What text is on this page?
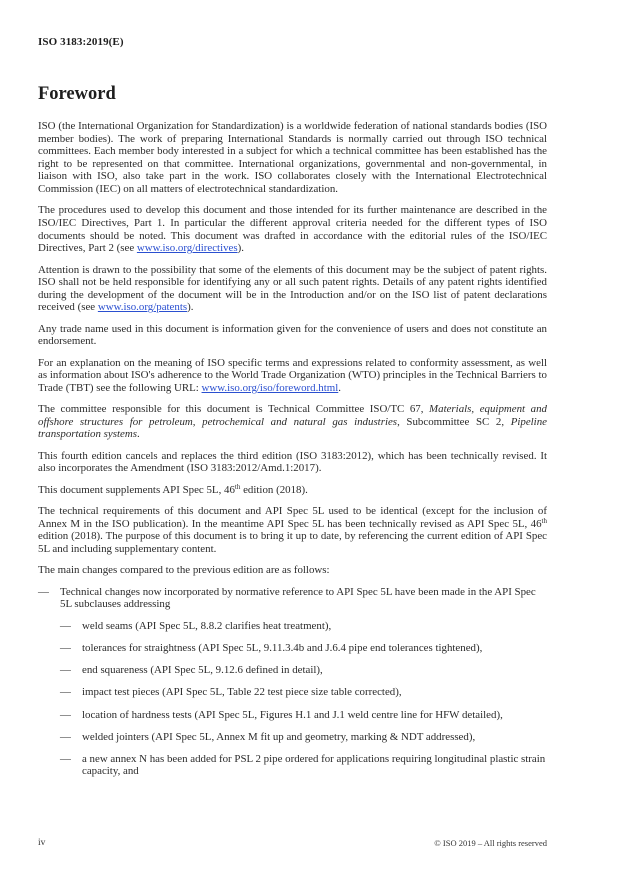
ISO 3183:2019(E)
Foreword

ISO (the International Organization for Standardization) is a worldwide federation of national standards bodies (ISO member bodies). The work of preparing International Standards is normally carried out through ISO technical committees. Each member body interested in a subject for which a technical committee has been established has the right to be represented on that committee. International organizations, governmental and non-governmental, in liaison with ISO, also take part in the work. ISO collaborates closely with the International Electrotechnical Commission (IEC) on all matters of electrotechnical standardization.

The procedures used to develop this document and those intended for its further maintenance are described in the ISO/IEC Directives, Part 1. In particular the different approval criteria needed for the different types of ISO documents should be noted. This document was drafted in accordance with the editorial rules of the ISO/IEC Directives, Part 2 (see www.iso.org/directives).

Attention is drawn to the possibility that some of the elements of this document may be the subject of patent rights. ISO shall not be held responsible for identifying any or all such patent rights. Details of any patent rights identified during the development of the document will be in the Introduction and/or on the ISO list of patent declarations received (see www.iso.org/patents).

Any trade name used in this document is information given for the convenience of users and does not constitute an endorsement.

For an explanation on the meaning of ISO specific terms and expressions related to conformity assessment, as well as information about ISO's adherence to the World Trade Organization (WTO) principles in the Technical Barriers to Trade (TBT) see the following URL: www.iso.org/iso/foreword.html.

The committee responsible for this document is Technical Committee ISO/TC 67, Materials, equipment and offshore structures for petroleum, petrochemical and natural gas industries, Subcommittee SC 2, Pipeline transportation systems.

This fourth edition cancels and replaces the third edition (ISO 3183:2012), which has been technically revised. It also incorporates the Amendment (ISO 3183:2012/Amd.1:2017).

This document supplements API Spec 5L, 46th edition (2018).

The technical requirements of this document and API Spec 5L used to be identical (except for the inclusion of Annex M in the ISO publication). In the meantime API Spec 5L has been technically revised as API Spec 5L, 46th edition (2018). The purpose of this document is to bring it up to date, by referencing the current edition of API Spec 5L and including supplementary content.

The main changes compared to the previous edition are as follows:

— Technical changes now incorporated by normative reference to API Spec 5L have been made in the API Spec 5L subclauses addressing
— weld seams (API Spec 5L, 8.8.2 clarifies heat treatment),
— tolerances for straightness (API Spec 5L, 9.11.3.4b and J.6.4 pipe end tolerances tightened),
— end squareness (API Spec 5L, 9.12.6 defined in detail),
— impact test pieces (API Spec 5L, Table 22 test piece size table corrected),
— location of hardness tests (API Spec 5L, Figures H.1 and J.1 weld centre line for HFW detailed),
— welded jointers (API Spec 5L, Annex M fit up and geometry, marking & NDT addressed),
— a new annex N has been added for PSL 2 pipe ordered for applications requiring longitudinal plastic strain capacity, and
iv	© ISO 2019 – All rights reserved
